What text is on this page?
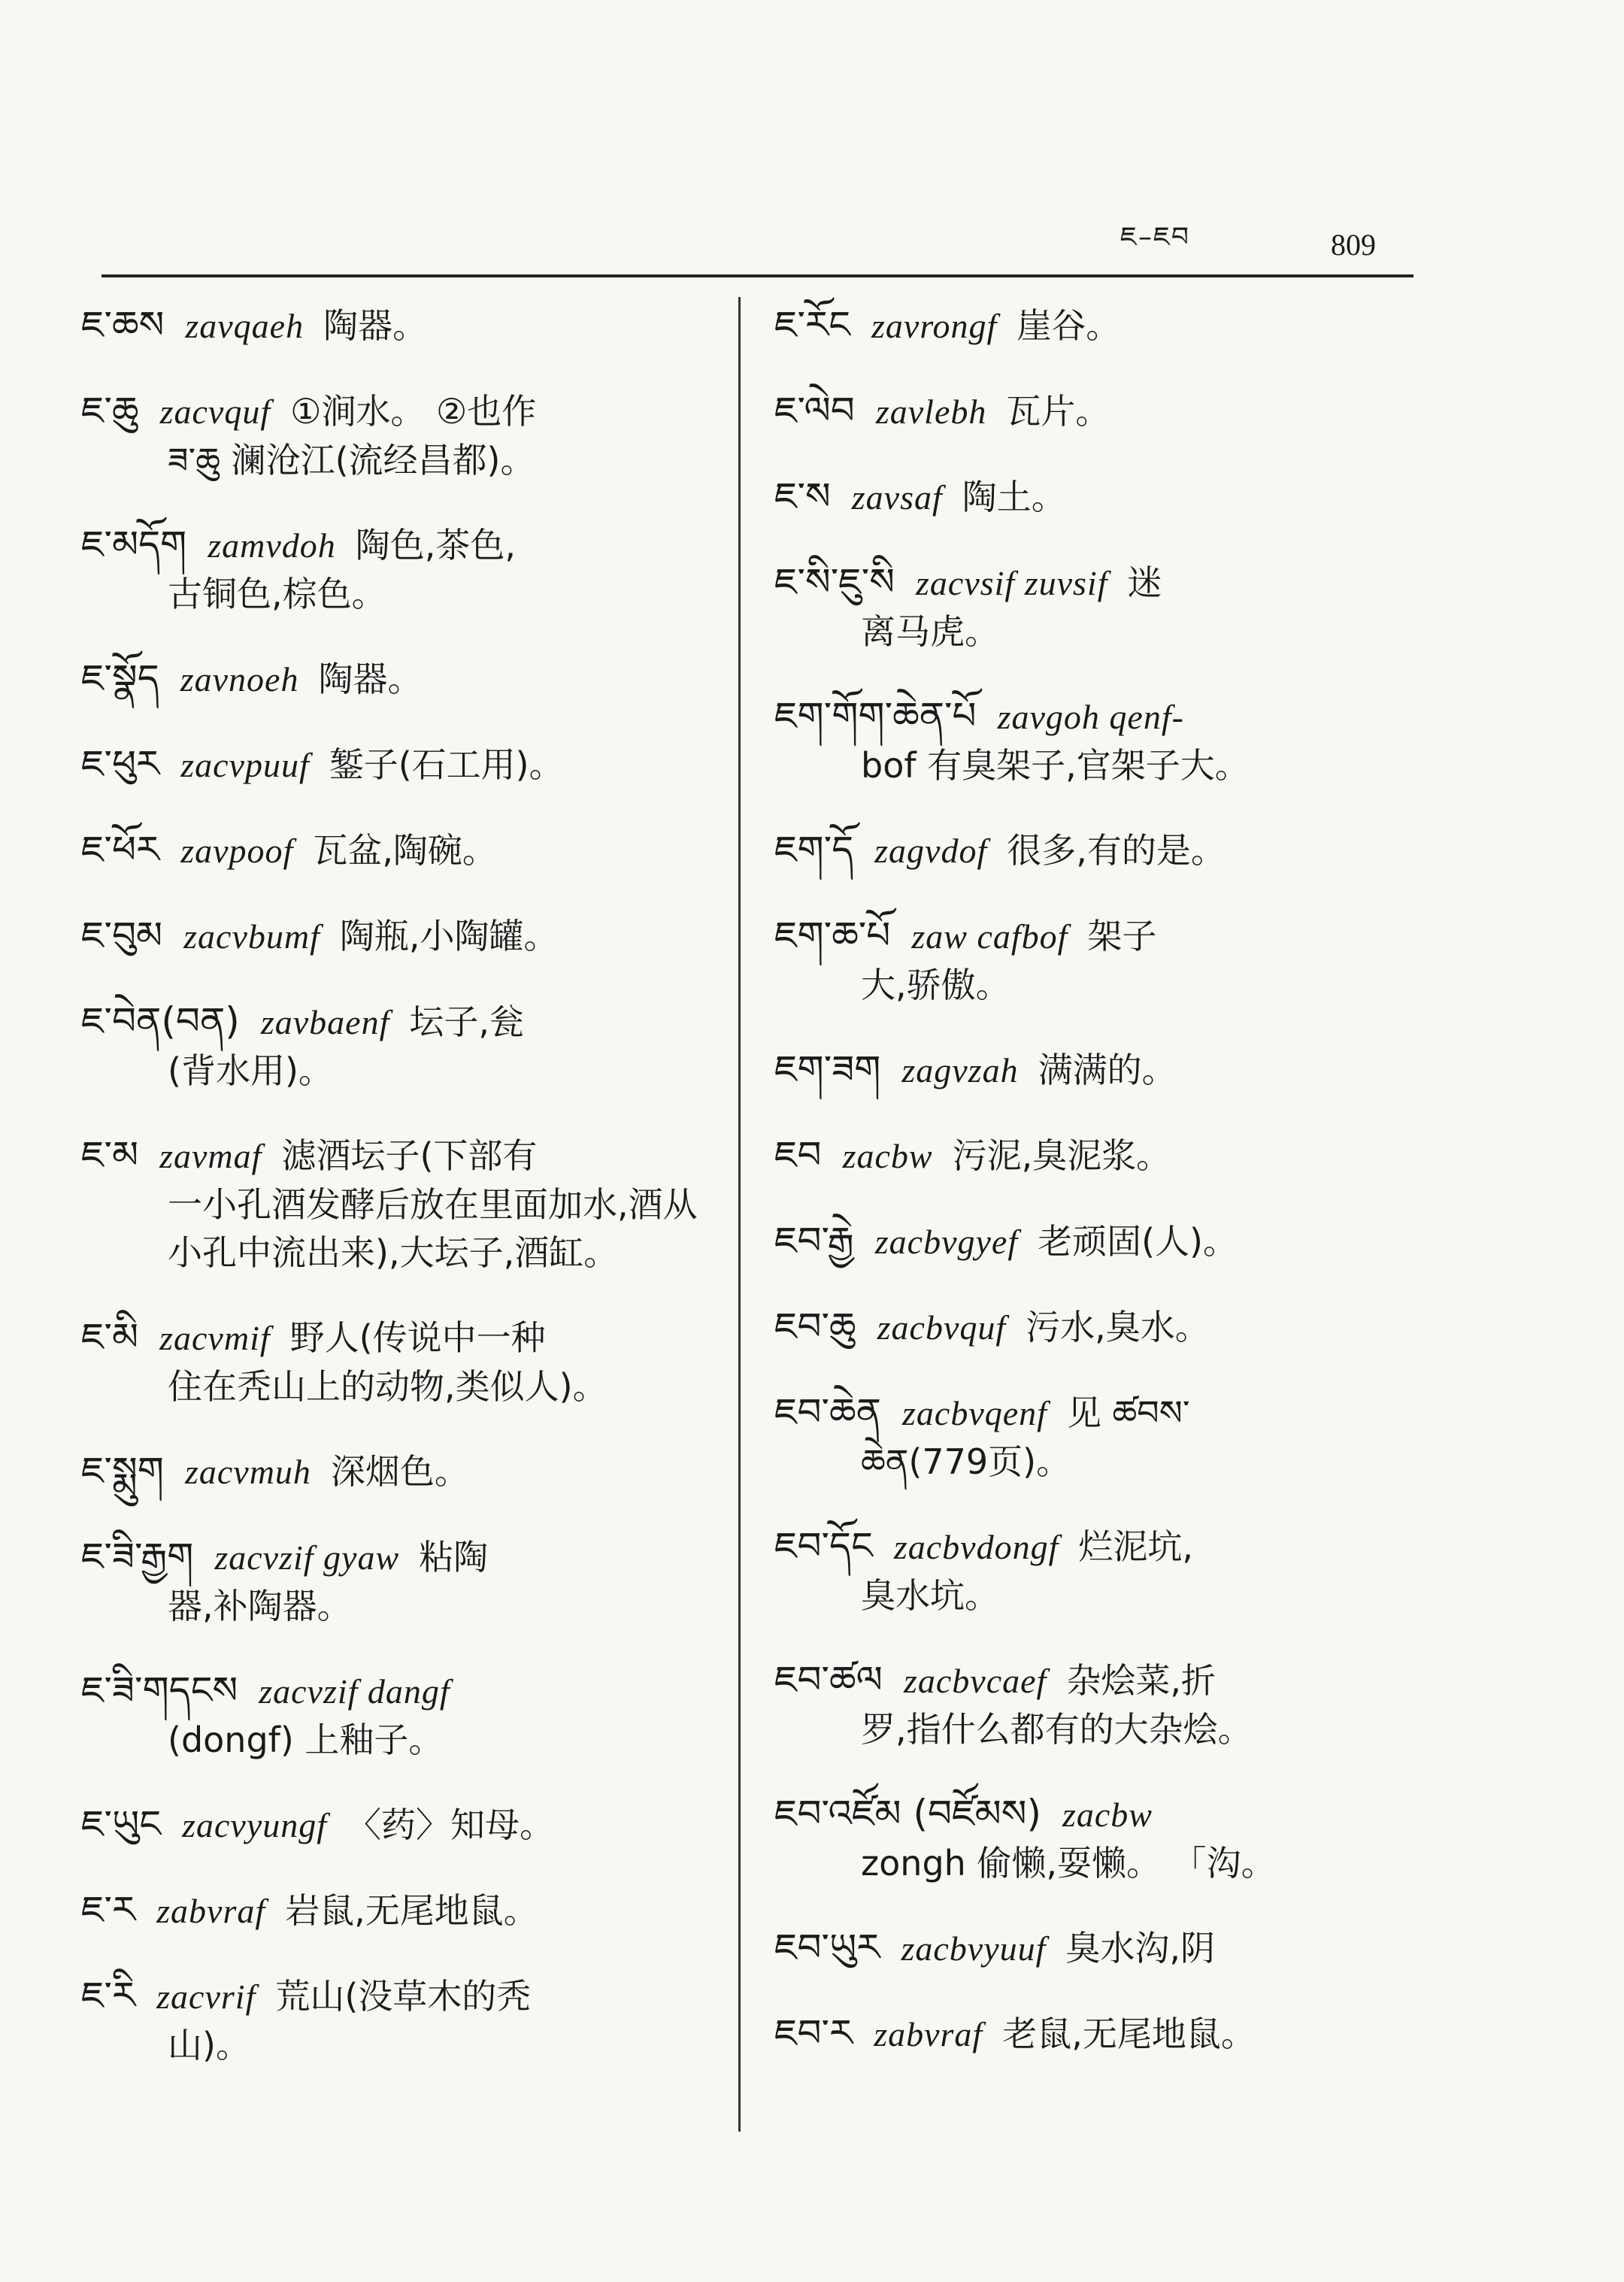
ཇ–ཇབ	809
ཇ་ཆས zavqaeh 陶器。
ཇ་ཆུ zacvquf ①涧水。 ②也作
ཟ་ཆུ 澜沧江(流经昌都)。
ཇ་མདོག zamvdoh 陶色,茶色,
古铜色,棕色。
ཇ་སྣོད zavnoeh 陶器。
ཇ་ཕུར zacvpuuf 錾子(石工用)。
ཇ་ཕོར zavpoof 瓦盆,陶碗。
ཇ་བུམ zacvbumf 陶瓶,小陶罐。
ཇ་བེན(བན) zavbaenf 坛子,瓮
(背水用)。
ཇ་མ zavmaf 滤酒坛子(下部有
一小孔酒发酵后放在里面加水,酒从小孔中流出来),大坛子,酒缸。
ཇ་མི zacvmif 野人(传说中一种
住在秃山上的动物,类似人)。
ཇ་སྨུག zacvmuh 深烟色。
ཇ་ཟི་རྒྱག zacvzif gyaw 粘陶
器,补陶器。
ཇ་ཟི་གདངས zacvzif dangf
(dongf) 上釉子。
ཇ་ཡུང zacvyungf 〈药〉知母。
ཇ་ར zabvraf 岩鼠,无尾地鼠。
ཇ་རི zacvrif 荒山(没草木的秃
山)。
ཇ་རོང zavrongf 崖谷。
ཇ་ལེབ zavlebh 瓦片。
ཇ་ས zavsaf 陶土。
ཇ་སི་ཇུ་སི zacvsif zuvsif 迷
离马虎。
ཇག་གོག་ཆེན་པོ zavgoh qenf-
bof 有臭架子,官架子大。
ཇག་དོ zagvdof 很多,有的是。
ཇག་ཆ་པོ zaw cafbof 架子
大,骄傲。
ཇག་ཟག zagvzah 满满的。
ཇབ zacbw 污泥,臭泥浆。
ཇབ་རྒྱེ zacbvgyef 老顽固(人)。
ཇབ་ཆུ zacbvquf 污水,臭水。
ཇབ་ཆེན zacbvqenf 见 ཚབས་
ཆེན(779页)。
ཇབ་དོང zacbvdongf 烂泥坑,
臭水坑。
ཇབ་ཚལ zacbvcaef 杂烩菜,折
罗,指什么都有的大杂烩。
ཇབ་འཛོམ (བཛོམས) zacbw
zongh 偷懒,耍懒。 「沟。
ཇབ་ཡུར zacbvyuuf 臭水沟,阴
ཇབ་ར zabvraf 老鼠,无尾地鼠。
